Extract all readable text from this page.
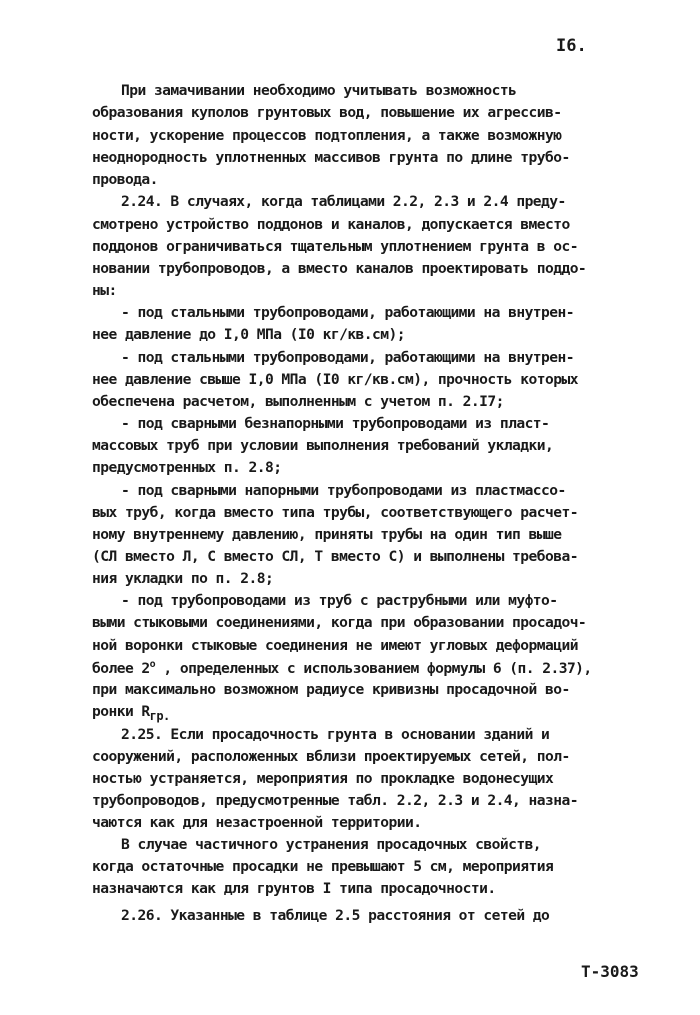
I6.
При замачивании необходимо учитывать возможность
образования куполов грунтовых вод, повышение их агрессив-
ности, ускорение процессов подтопления, а также возможную
неоднородность уплотненных массивов грунта по длине трубо-
провода.
2.24. В случаях, когда таблицами 2.2, 2.3 и 2.4 преду-
смотрено устройство поддонов и каналов, допускается вместо
поддонов ограничиваться тщательным уплотнением грунта в ос-
новании трубопроводов, а вместо каналов проектировать поддо-
ны:
- под стальными трубопроводами, работающими на внутрен-
нее давление до I,0 МПа (I0 кг/кв.см);
- под стальными трубопроводами, работающими на внутрен-
нее давление свыше I,0 МПа (I0 кг/кв.см), прочность которых
обеспечена расчетом, выполненным с учетом п. 2.I7;
- под сварными безнапорными трубопроводами из пласт-
массовых труб при условии выполнения требований укладки,
предусмотренных п. 2.8;
- под сварными напорными трубопроводами из пластмассо-
вых труб, когда вместо типа трубы, соответствующего расчет-
ному внутреннему давлению, приняты трубы на один тип выше
(СЛ вместо Л, С вместо СЛ, Т вместо С) и выполнены требова-
ния укладки по п. 2.8;
- под трубопроводами из труб с раструбными или муфто-
выми стыковыми соединениями, когда при образовании просадоч-
ной воронки стыковые соединения не имеют угловых деформаций
более 2$^o$ , определенных с использованием формулы 6 (п. 2.37),
при максимально возможном радиусе кривизны просадочной во-
ронки $R_{гр.}$
2.25. Если просадочность грунта в основании зданий и
сооружений, расположенных вблизи проектируемых сетей, пол-
ностью устраняется, мероприятия по прокладке водонесущих
трубопроводов, предусмотренные табл. 2.2, 2.3 и 2.4, назна-
чаются как для незастроенной территории.
В случае частичного устранения просадочных свойств,
когда остаточные просадки не превышают 5 см, мероприятия
назначаются как для грунтов I типа просадочности.
2.26. Указанные в таблице 2.5 расстояния от сетей до
Т-3083
